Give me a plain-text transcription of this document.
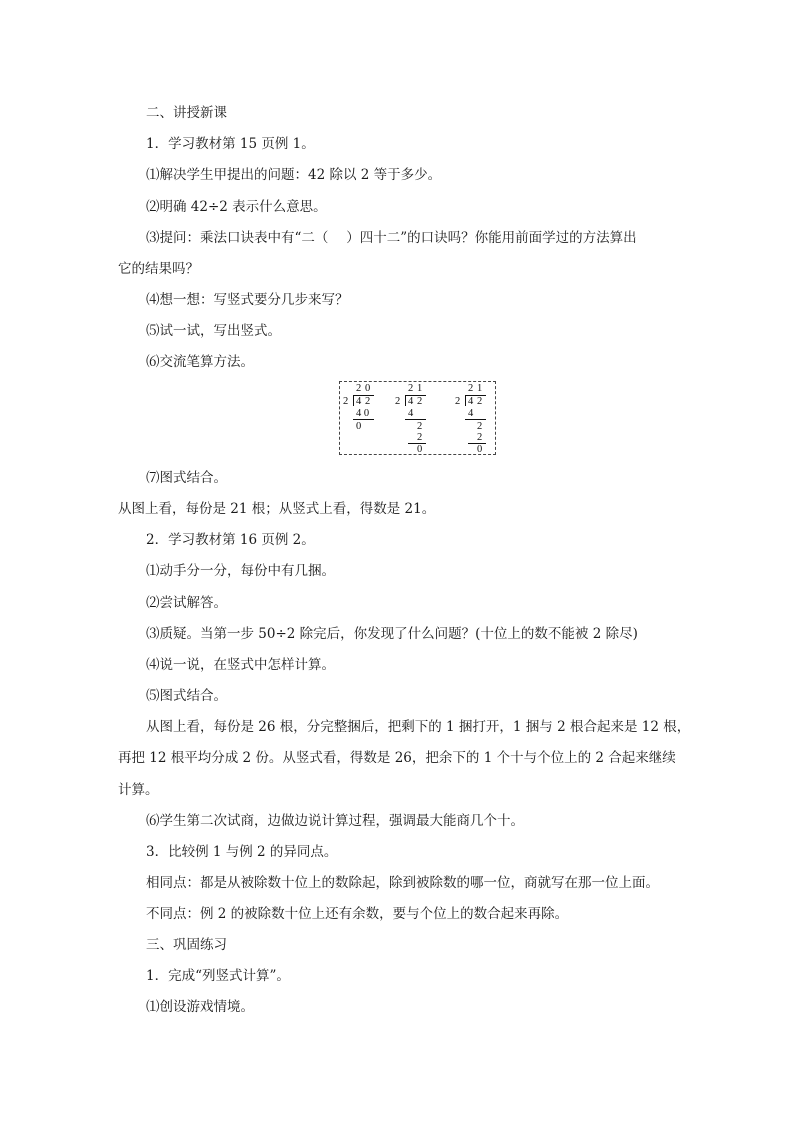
二、讲授新课
1．学习教材第 15 页例 1。
⑴解决学生甲提出的问题：42 除以 2 等于多少。
⑵明确 42÷2 表示什么意思。
⑶提问：乘法口诀表中有“二（　 ）四十二”的口诀吗？你能用前面学过的方法算出
它的结果吗？
⑷想一想：写竖式要分几步来写？
⑸试一试，写出竖式。
⑹交流笔算方法。
2 0
2 4 2
4 0
0
2 1
2 4 2
4
2
2
0
2 1
2 4 2
4
2
2
0
⑺图式结合。
从图上看，每份是 21 根；从竖式上看，得数是 21。
2．学习教材第 16 页例 2。
⑴动手分一分，每份中有几捆。
⑵尝试解答。
⑶质疑。当第一步 50÷2 除完后，你发现了什么问题？(十位上的数不能被 2 除尽)
⑷说一说，在竖式中怎样计算。
⑸图式结合。
从图上看，每份是 26 根，分完整捆后，把剩下的 1 捆打开，1 捆与 2 根合起来是 12 根，
再把 12 根平均分成 2 份。从竖式看，得数是 26，把余下的 1 个十与个位上的 2 合起来继续
计算。
⑹学生第二次试商，边做边说计算过程，强调最大能商几个十。
3．比较例 1 与例 2 的异同点。
相同点：都是从被除数十位上的数除起，除到被除数的哪一位，商就写在那一位上面。
不同点：例 2 的被除数十位上还有余数，要与个位上的数合起来再除。
三、巩固练习
1．完成“列竖式计算”。
⑴创设游戏情境。
